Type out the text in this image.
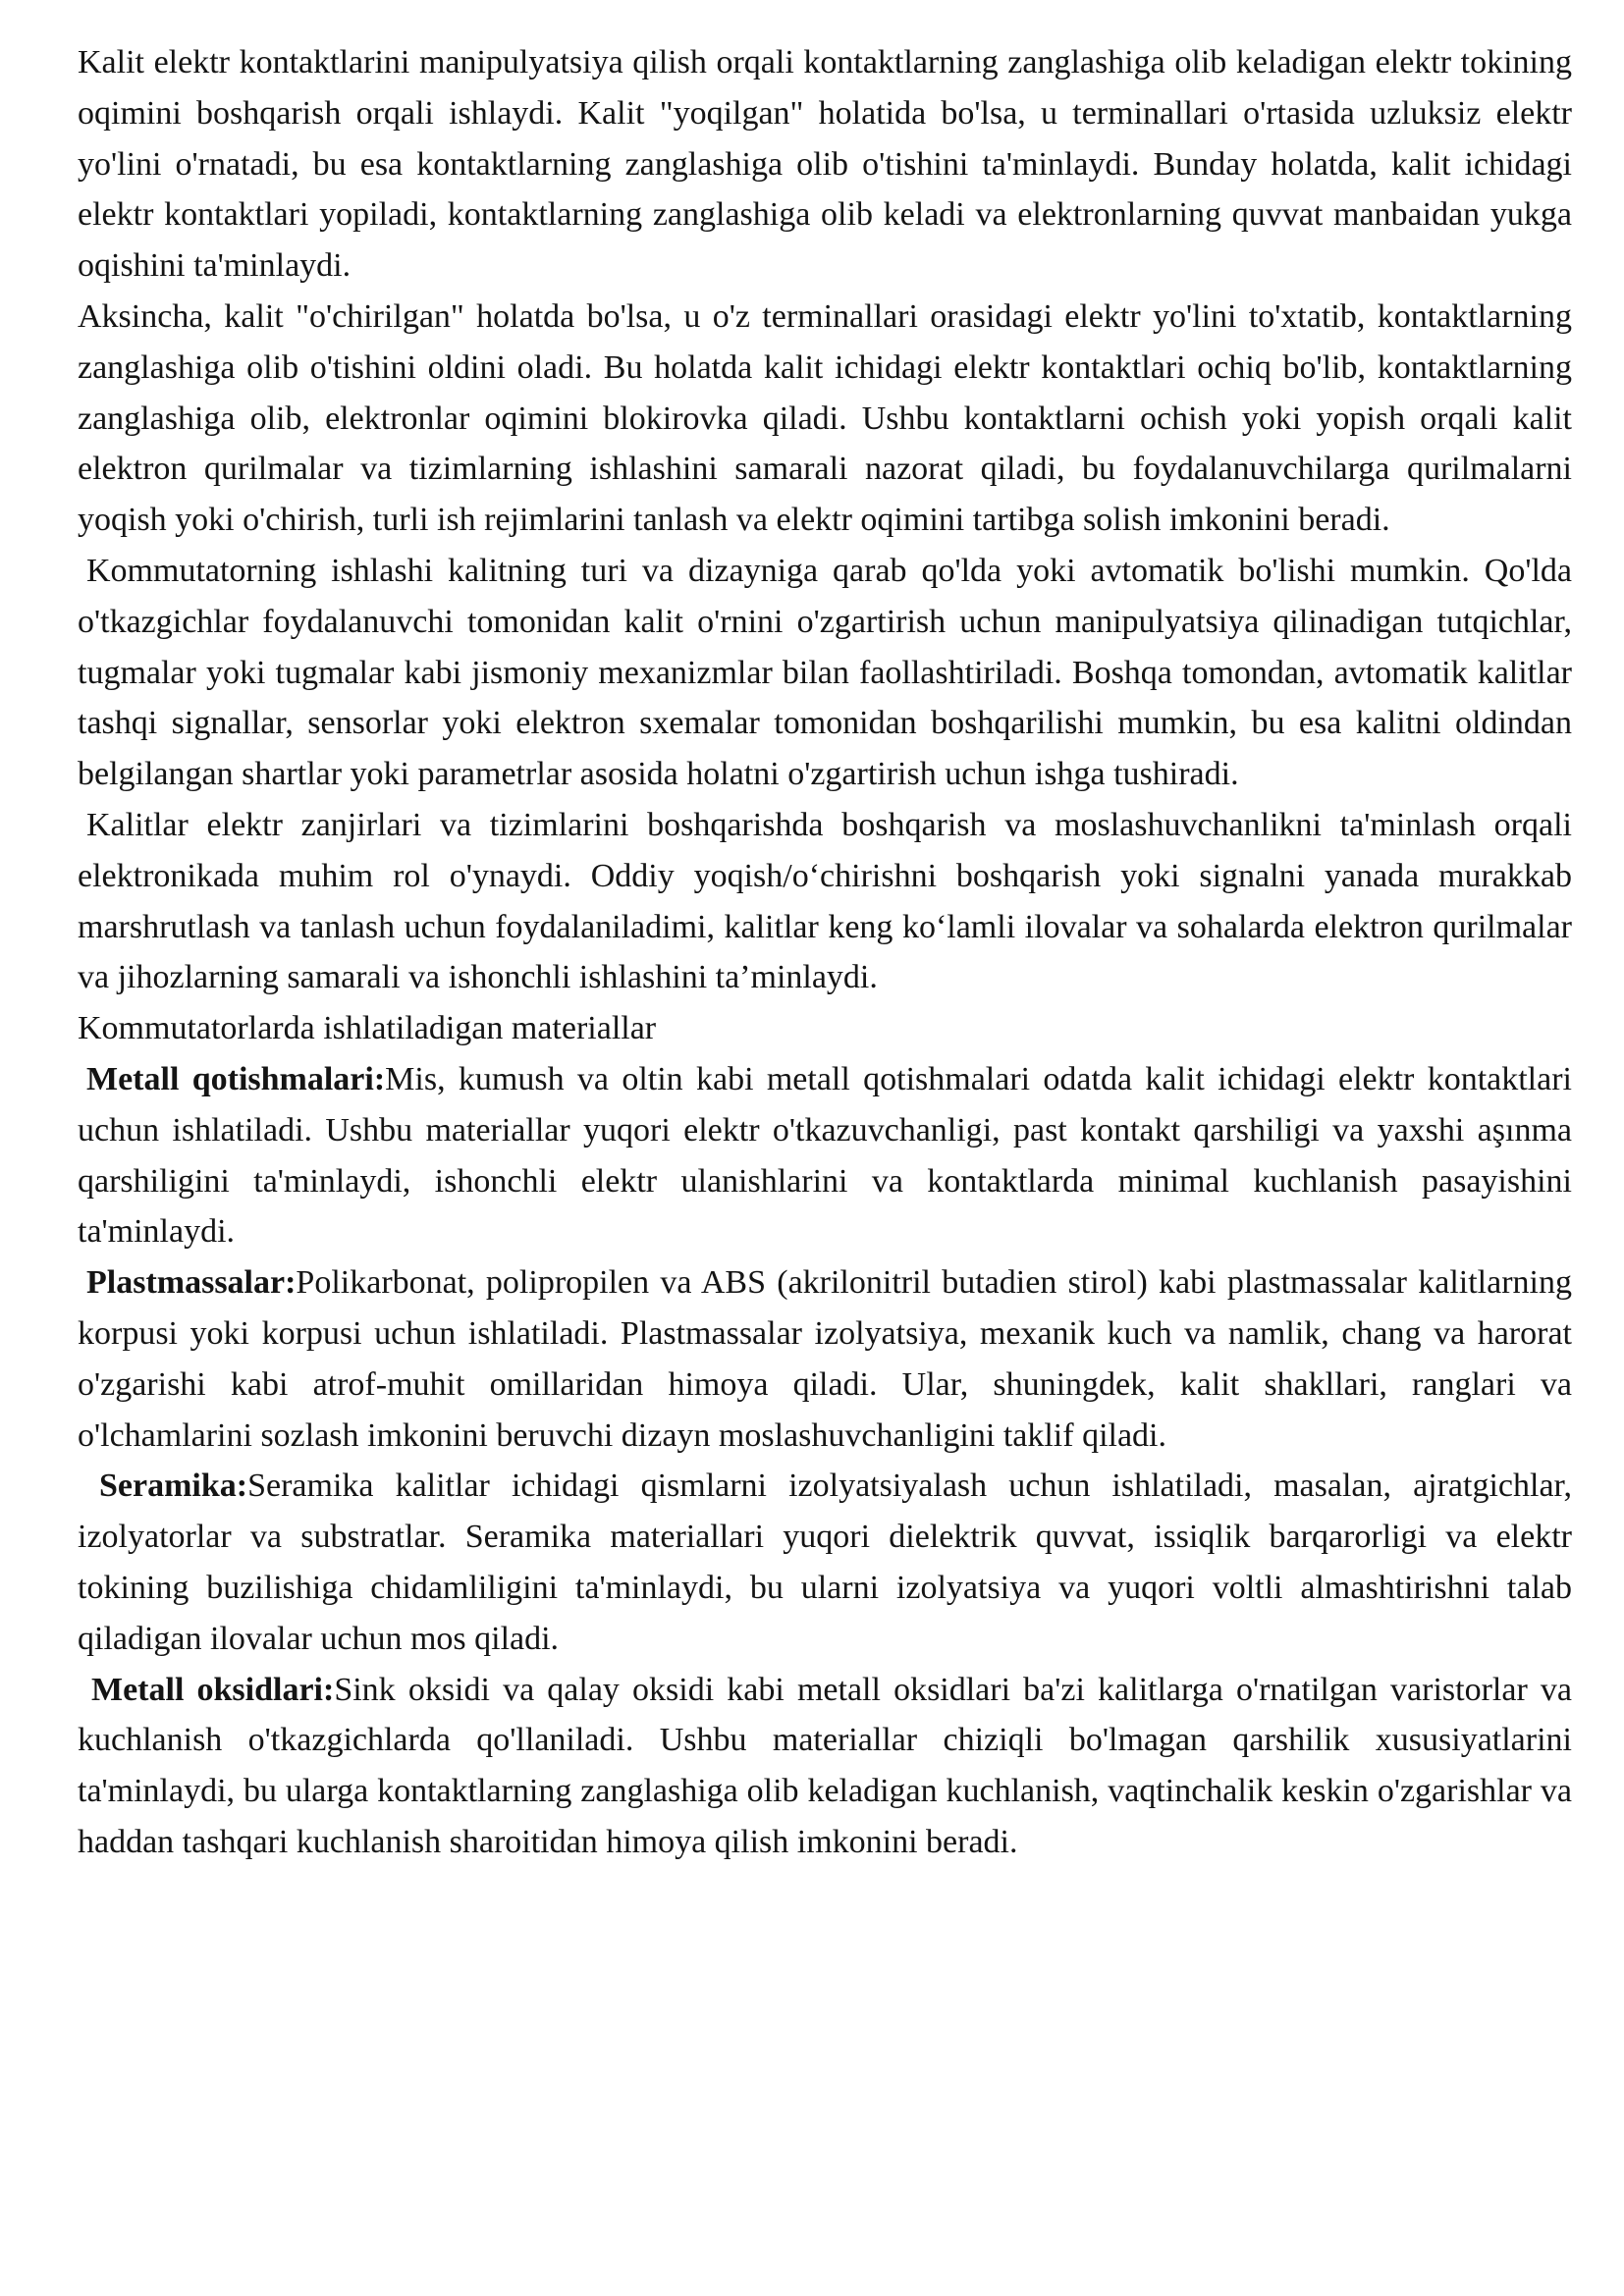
Kalit elektr kontaktlarini manipulyatsiya qilish orqali kontaktlarning zanglashiga olib keladigan elektr tokining oqimini boshqarish orqali ishlaydi. Kalit "yoqilgan" holatida bo'lsa, u terminallari o'rtasida uzluksiz elektr yo'lini o'rnatadi, bu esa kontaktlarning zanglashiga olib o'tishini ta'minlaydi. Bunday holatda, kalit ichidagi elektr kontaktlari yopiladi, kontaktlarning zanglashiga olib keladi va elektronlarning quvvat manbaidan yukga oqishini ta'minlaydi.

Aksincha, kalit "o'chirilgan" holatda bo'lsa, u o'z terminallari orasidagi elektr yo'lini to'xtatib, kontaktlarning zanglashiga olib o'tishini oldini oladi. Bu holatda kalit ichidagi elektr kontaktlari ochiq bo'lib, kontaktlarning zanglashiga olib, elektronlar oqimini blokirovka qiladi. Ushbu kontaktlarni ochish yoki yopish orqali kalit elektron qurilmalar va tizimlarning ishlashini samarali nazorat qiladi, bu foydalanuvchilarga qurilmalarni yoqish yoki o'chirish, turli ish rejimlarini tanlash va elektr oqimini tartibga solish imkonini beradi.

Kommutatorning ishlashi kalitning turi va dizayniga qarab qo'lda yoki avtomatik bo'lishi mumkin. Qo'lda o'tkazgichlar foydalanuvchi tomonidan kalit o'rnini o'zgartirish uchun manipulyatsiya qilinadigan tutqichlar, tugmalar yoki tugmalar kabi jismoniy mexanizmlar bilan faollashtiriladi. Boshqa tomondan, avtomatik kalitlar tashqi signallar, sensorlar yoki elektron sxemalar tomonidan boshqarilishi mumkin, bu esa kalitni oldindan belgilangan shartlar yoki parametrlar asosida holatni o'zgartirish uchun ishga tushiradi.

Kalitlar elektr zanjirlari va tizimlarini boshqarishda boshqarish va moslashuvchanlikni ta'minlash orqali elektronikada muhim rol o'ynaydi. Oddiy yoqish/o‘chirishni boshqarish yoki signalni yanada murakkab marshrutlash va tanlash uchun foydalaniladimi, kalitlar keng ko‘lamli ilovalar va sohalarda elektron qurilmalar va jihozlarning samarali va ishonchli ishlashini ta’minlaydi.

Kommutatorlarda ishlatiladigan materiallar

Metall qotishmalari:Mis, kumush va oltin kabi metall qotishmalari odatda kalit ichidagi elektr kontaktlari uchun ishlatiladi. Ushbu materiallar yuqori elektr o'tkazuvchanligi, past kontakt qarshiligi va yaxshi aşınma qarshiligini ta'minlaydi, ishonchli elektr ulanishlarini va kontaktlarda minimal kuchlanish pasayishini ta'minlaydi.

Plastmassalar:Polikarbonat, polipropilen va ABS (akrilonitril butadien stirol) kabi plastmassalar kalitlarning korpusi yoki korpusi uchun ishlatiladi. Plastmassalar izolyatsiya, mexanik kuch va namlik, chang va harorat o'zgarishi kabi atrof-muhit omillaridan himoya qiladi. Ular, shuningdek, kalit shakllari, ranglari va o'lchamlarini sozlash imkonini beruvchi dizayn moslashuvchanligini taklif qiladi.

Seramika:Seramika kalitlar ichidagi qismlarni izolyatsiyalash uchun ishlatiladi, masalan, ajratgichlar, izolyatorlar va substratlar. Seramika materiallari yuqori dielektrik quvvat, issiqlik barqarorligi va elektr tokining buzilishiga chidamliligini ta'minlaydi, bu ularni izolyatsiya va yuqori voltli almashtirishni talab qiladigan ilovalar uchun mos qiladi.

Metall oksidlari:Sink oksidi va qalay oksidi kabi metall oksidlari ba'zi kalitlarga o'rnatilgan varistorlar va kuchlanish o'tkazgichlarda qo'llaniladi. Ushbu materiallar chiziqli bo'lmagan qarshilik xususiyatlarini ta'minlaydi, bu ularga kontaktlarning zanglashiga olib keladigan kuchlanish, vaqtinchalik keskin o'zgarishlar va haddan tashqari kuchlanish sharoitidan himoya qilish imkonini beradi.
